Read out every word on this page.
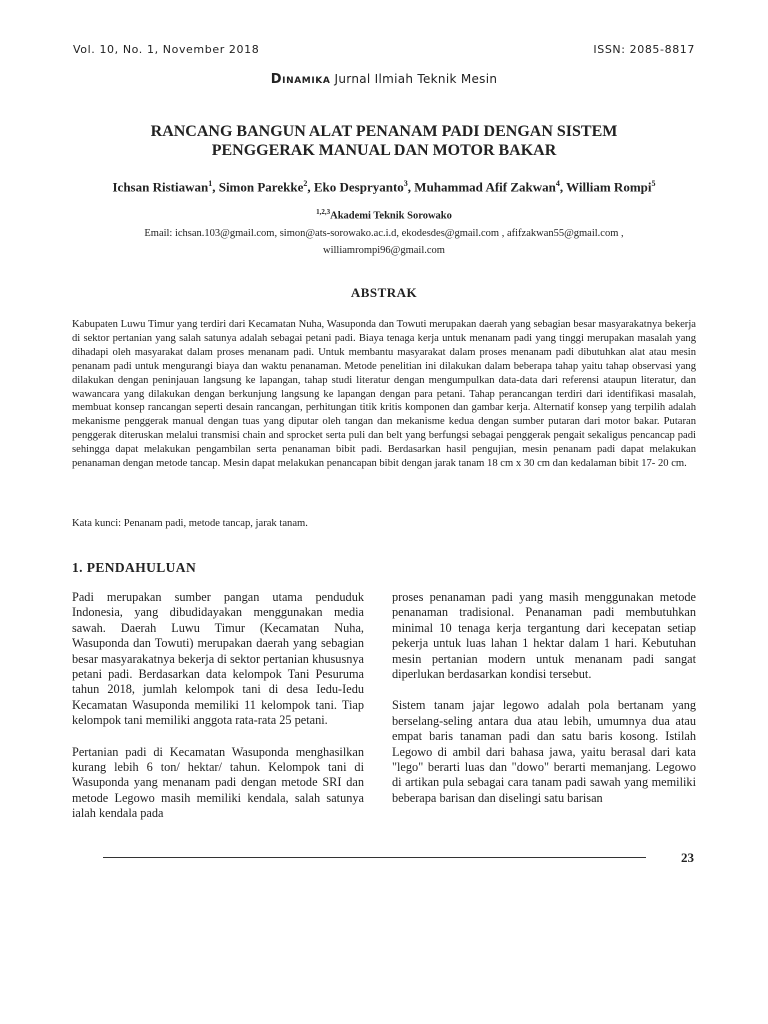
Vol. 10, No. 1, November 2018	ISSN: 2085-8817
Dinamika Jurnal Ilmiah Teknik Mesin
RANCANG BANGUN ALAT PENANAM PADI DENGAN SISTEM
PENGGERAK MANUAL DAN MOTOR BAKAR
Ichsan Ristiawan$^1$, Simon Parekke$^2$, Eko Despryanto$^3$, Muhammad Afif Zakwan$^4$, William Rompi$^5$
$^{1,2,3}$Akademi Teknik Sorowako
Email: ichsan.103@gmail.com, simon@ats-sorowako.ac.i.d, ekodesdes@gmail.com , afifzakwan55@gmail.com ,
williamrompi96@gmail.com
ABSTRAK
Kabupaten Luwu Timur yang terdiri dari Kecamatan Nuha, Wasuponda dan Towuti merupakan daerah yang sebagian besar masyarakatnya bekerja di sektor pertanian yang salah satunya adalah sebagai petani padi. Biaya tenaga kerja untuk menanam padi yang tinggi merupakan masalah yang dihadapi oleh masyarakat dalam proses menanam padi. Untuk membantu masyarakat dalam proses menanam padi dibutuhkan alat atau mesin penanam padi untuk mengurangi biaya dan waktu penanaman. Metode penelitian ini dilakukan dalam beberapa tahap yaitu tahap observasi yang dilakukan dengan peninjauan langsung ke lapangan, tahap studi literatur dengan mengumpulkan data-data dari referensi ataupun literatur, dan wawancara yang dilakukan dengan berkunjung langsung ke lapangan dengan para petani. Tahap perancangan terdiri dari identifikasi masalah, membuat konsep rancangan seperti desain rancangan, perhitungan titik kritis komponen dan gambar kerja. Alternatif konsep yang terpilih adalah mekanisme penggerak manual dengan tuas yang diputar oleh tangan dan mekanisme kedua dengan sumber putaran dari motor bakar. Putaran penggerak diteruskan melalui transmisi chain and sprocket serta puli dan belt yang berfungsi sebagai penggerak pengait sekaligus pencancap padi sehingga dapat melakukan pengambilan serta penanaman bibit padi. Berdasarkan hasil pengujian, mesin penanam padi dapat melakukan penanaman dengan metode tancap. Mesin dapat melakukan penancapan bibit dengan jarak tanam 18 cm x 30 cm dan kedalaman bibit 17- 20 cm.
Kata kunci: Penanam padi, metode tancap, jarak tanam.
1. PENDAHULUAN

Padi merupakan sumber pangan utama penduduk Indonesia, yang dibudidayakan menggunakan media sawah. Daerah Luwu Timur (Kecamatan Nuha, Wasuponda dan Towuti) merupakan daerah yang sebagian besar masyarakatnya bekerja di sektor pertanian khususnya petani padi. Berdasarkan data kelompok Tani Pesuruma tahun 2018, jumlah kelompok tani di desa Iedu-Iedu Kecamatan Wasuponda memiliki 11 kelompok tani. Tiap kelompok tani memiliki anggota rata-rata 25 petani.

Pertanian padi di Kecamatan Wasuponda menghasilkan kurang lebih 6 ton/ hektar/ tahun. Kelompok tani di Wasuponda yang menanam padi dengan metode SRI dan metode Legowo masih memiliki kendala, salah satunya ialah kendala pada

proses penanaman padi yang masih menggunakan metode penanaman tradisional. Penanaman padi membutuhkan minimal 10 tenaga kerja tergantung dari kecepatan setiap pekerja untuk luas lahan 1 hektar dalam 1 hari. Kebutuhan mesin pertanian modern untuk menanam padi sangat diperlukan berdasarkan kondisi tersebut.

Sistem tanam jajar legowo adalah pola bertanam yang berselang-seling antara dua atau lebih, umumnya dua atau empat baris tanaman padi dan satu baris kosong. Istilah Legowo di ambil dari bahasa jawa, yaitu berasal dari kata "lego" berarti luas dan "dowo" berarti memanjang. Legowo di artikan pula sebagai cara tanam padi sawah yang memiliki beberapa barisan dan diselingi satu barisan

23
